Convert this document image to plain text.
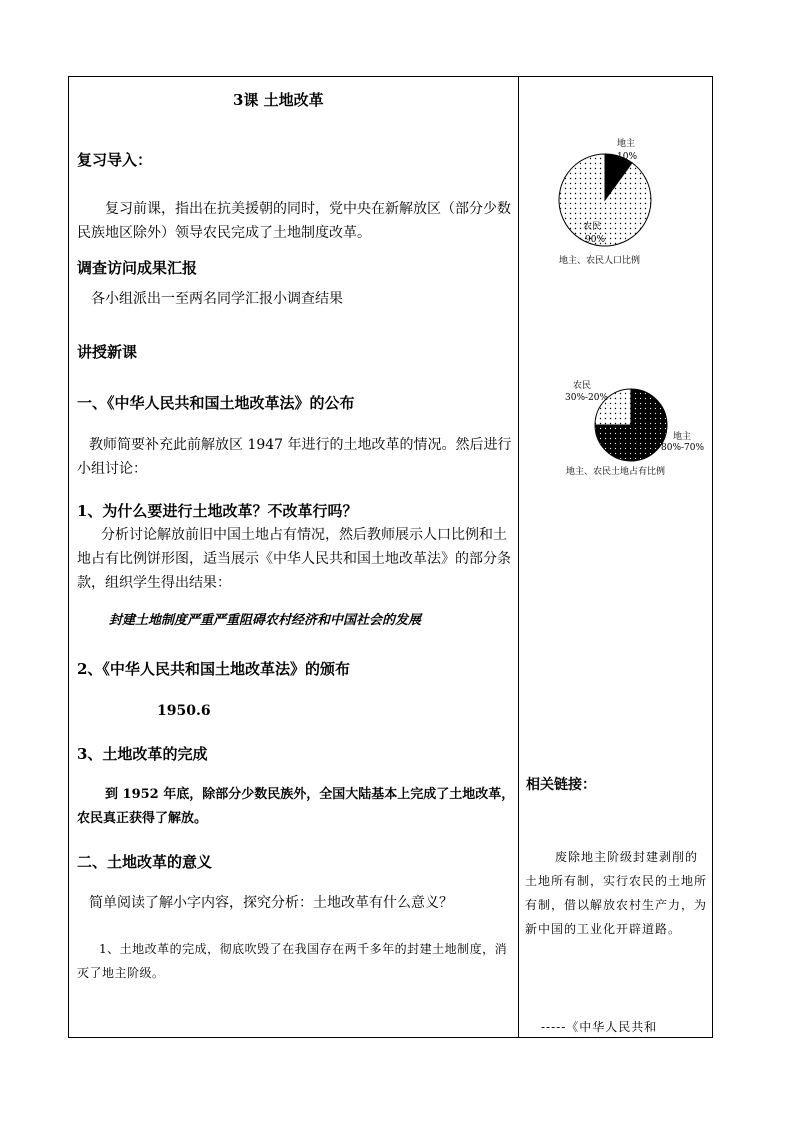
3课 土地改革
复习导入：
复习前课，指出在抗美援朝的同时，党中央在新解放区（部分少数民族地区除外）领导农民完成了土地制度改革。
调查访问成果汇报
各小组派出一至两名同学汇报小调查结果
讲授新课
一、《中华人民共和国土地改革法》的公布
教师简要补充此前解放区 1947 年进行的土地改革的情况。然后进行小组讨论：
1、为什么要进行土地改革？不改革行吗？
分析讨论解放前旧中国土地占有情况，然后教师展示人口比例和土地占有比例饼形图，适当展示《中华人民共和国土地改革法》的部分条款，组织学生得出结果：
封建土地制度严重严重阻碍农村经济和中国社会的发展
2、《中华人民共和国土地改革法》的颁布
1950.6
3、土地改革的完成
到 1952 年底，除部分少数民族外，全国大陆基本上完成了土地改革，农民真正获得了解放。
二、土地改革的意义
简单阅读了解小字内容，探究分析：土地改革有什么意义？
1、土地改革的完成，彻底吹毁了在我国存在两千多年的封建土地制度，消灭了地主阶级。
地主
10%
农民
90%
地主、农民人口比例
农民
30%-20%
地主
80%-70%
地主、农民土地占有比例
相关链接：
废除地主阶级封建剥削的土地所有制，实行农民的土地所有制，借以解放农村生产力，为新中国的工业化开辟道路。
-----《中华人民共和
